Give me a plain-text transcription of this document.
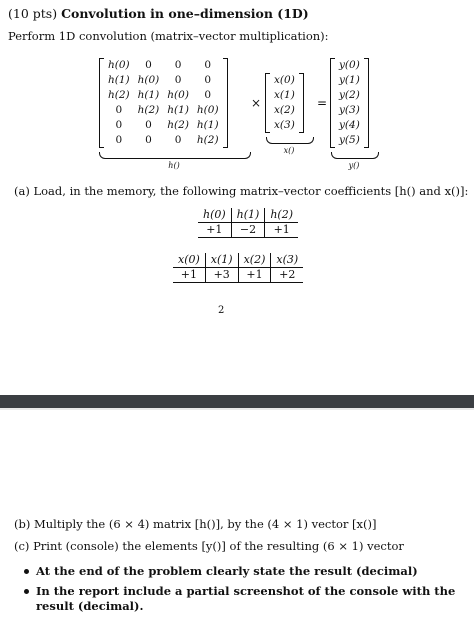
(10 pts) Convolution in one–dimension (1D)
Perform 1D convolution (matrix–vector multiplication):
h(0)	0	0	0
h(1)	h(0)	0	0
h(2)	h(1)	h(0)	0
0	h(2)	h(1)	h(0)
0	0	h(2)	h(1)
0	0	0	h(2)
×
x(0)
x(1)
x(2)
x(3)
=
y(0)
y(1)
y(2)
y(3)
y(4)
y(5)
h()
x()
y()
(a) Load, in the memory, the following matrix–vector coefficients [h() and x()]:
h(0)	h(1)	h(2)
+1	−2	+1
x(0)	x(1)	x(2)	x(3)
+1	+3	+1	+2
2
(b) Multiply the (6 × 4) matrix [h()], by the (4 × 1) vector [x()]
(c) Print (console) the elements [y()] of the resulting (6 × 1) vector
At the end of the problem clearly state the result (decimal)
In the report include a partial screenshot of the console with the result (decimal).
